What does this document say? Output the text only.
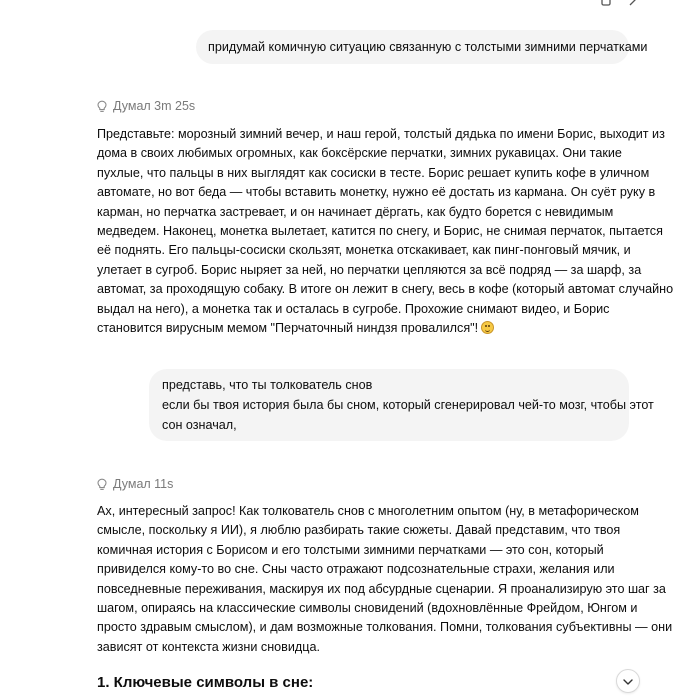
придумай комичную ситуацию связанную с толстыми зимними перчатками
Думал 3m 25s
Представьте: морозный зимний вечер, и наш герой, толстый дядька по имени Борис, выходит из
дома в своих любимых огромных, как боксёрские перчатки, зимних рукавицах. Они такие
пухлые, что пальцы в них выглядят как сосиски в тесте. Борис решает купить кофе в уличном
автомате, но вот беда — чтобы вставить монетку, нужно её достать из кармана. Он суёт руку в
карман, но перчатка застревает, и он начинает дёргать, как будто борется с невидимым
медведем. Наконец, монетка вылетает, катится по снегу, и Борис, не снимая перчаток, пытается
её поднять. Его пальцы-сосиски скользят, монетка отскакивает, как пинг-понговый мячик, и
улетает в сугроб. Борис ныряет за ней, но перчатки цепляются за всё подряд — за шарф, за
автомат, за проходящую собаку. В итоге он лежит в снегу, весь в кофе (который автомат случайно
выдал на него), а монетка так и осталась в сугробе. Прохожие снимают видео, и Борис
становится вирусным мемом "Перчаточный ниндзя провалился"!
представь, что ты толкователь снов
если бы твоя история была бы сном, который сгенерировал чей-то мозг, чтобы этот
сон означал,
Думал 11s
Ах, интересный запрос! Как толкователь снов с многолетним опытом (ну, в метафорическом
смысле, поскольку я ИИ), я люблю разбирать такие сюжеты. Давай представим, что твоя
комичная история с Борисом и его толстыми зимними перчатками — это сон, который
привиделся кому-то во сне. Сны часто отражают подсознательные страхи, желания или
повседневные переживания, маскируя их под абсурдные сценарии. Я проанализирую это шаг за
шагом, опираясь на классические символы сновидений (вдохновлённые Фрейдом, Юнгом и
просто здравым смыслом), и дам возможные толкования. Помни, толкования субъективны — они
зависят от контекста жизни сновидца.
1. Ключевые символы в сне:
